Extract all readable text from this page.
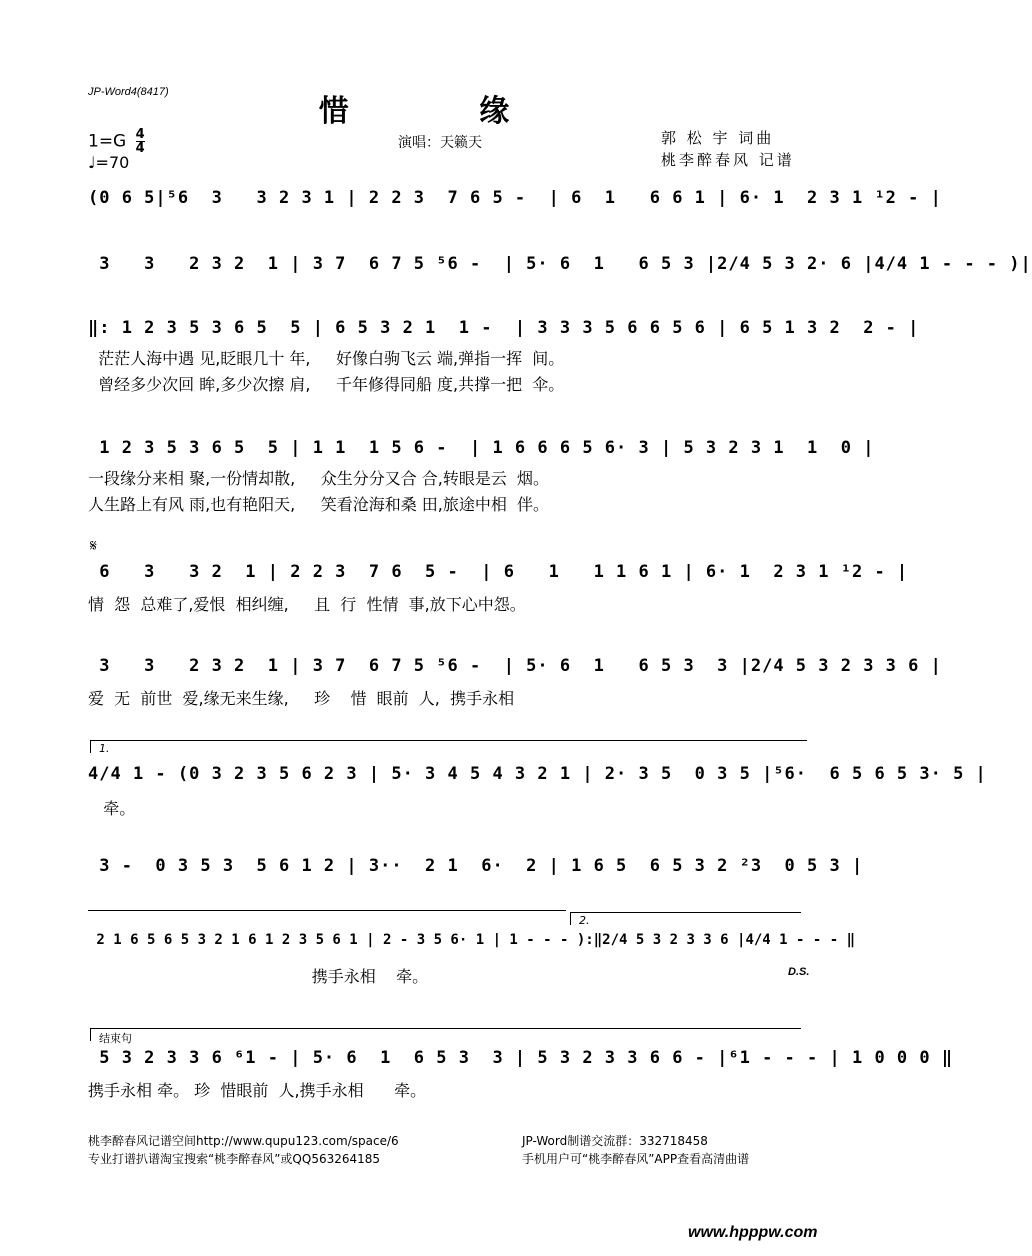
JP-Word4(8417)
惜 缘
$1=G \frac{4}{4}$
♩=70
演唱：天籁天	郭 松 宇 词曲
桃李醉春风 记谱
(0 6 5|⁵6  3   3 2 3 1 | 2 2 3  7 6 5 -  | 6  1   6 6 1 | 6· 1  2 3 1 ¹2 - |
3   3   2 3 2  1 | 3 7  6 7 5 ⁵6 -  | 5· 6  1   6 5 3 |2/4 5 3 2· 6 |4/4 1 - - - )|
‖: 1 2 3 5 3 6 5  5 | 6 5 3 2 1  1 -  | 3 3 3 5 6 6 5 6 | 6 5 1 3 2  2 - |
茫茫人海中遇 见,眨眼几十 年,     好像白驹飞云 端,弹指一挥  间。
曾经多少次回 眸,多少次擦 肩,     千年修得同船 度,共撑一把  伞。
1 2 3 5 3 6 5  5 | 1 1  1 5 6 -  | 1 6 6 6 5 6· 3 | 5 3 2 3 1  1  0 |
一段缘分来相 聚,一份情却散,     众生分分又合 合,转眼是云  烟。
人生路上有风 雨,也有艳阳天,     笑看沧海和桑 田,旅途中相  伴。
𝄋
6   3   3 2  1 | 2 2 3  7 6  5 -  | 6   1   1 1 6 1 | 6· 1  2 3 1 ¹2 - |
情  怨  总难了,爱恨  相纠缠,     且  行  性情  事,放下心中怨。
3   3   2 3 2  1 | 3 7  6 7 5 ⁵6 -  | 5· 6  1   6 5 3  3 |2/4 5 3 2 3 3 6 |
爱  无  前世  爱,缘无来生缘,     珍    惜  眼前  人,  携手永相
1.
4/4 1 - (0 3 2 3 5 6 2 3 | 5· 3 4 5 4 3 2 1 | 2· 3 5  0 3 5 |⁵6·  6 5 6 5 3· 5 |
牵。
3 -  0 3 5 3  5 6 1 2 | 3··  2 1  6·  2 | 1 6 5  6 5 3 2 ²3  0 5 3 |
2.
2 1 6 5 6 5 3 2 1 6 1 2 3 5 6 1 | 2 - 3 5 6· 1 | 1 - - - ):‖2/4 5 3 2 3 3 6 |4/4 1 - - - ‖
携手永相    牵。	D.S.
结束句
5 3 2 3 3 6 ⁶1 - | 5· 6  1  6 5 3  3 | 5 3 2 3 3 6 6 - |⁶1 - - - | 1 0 0 0 ‖
携手永相 牵。 珍  惜眼前  人,携手永相      牵。
桃李醉春风记谱空间http://www.qupu123.com/space/6
专业打谱扒谱淘宝搜索“桃李醉春风”或QQ563264185
JP-Word制谱交流群：332718458
手机用户可“桃李醉春风”APP查看高清曲谱
www.hpppw.com
